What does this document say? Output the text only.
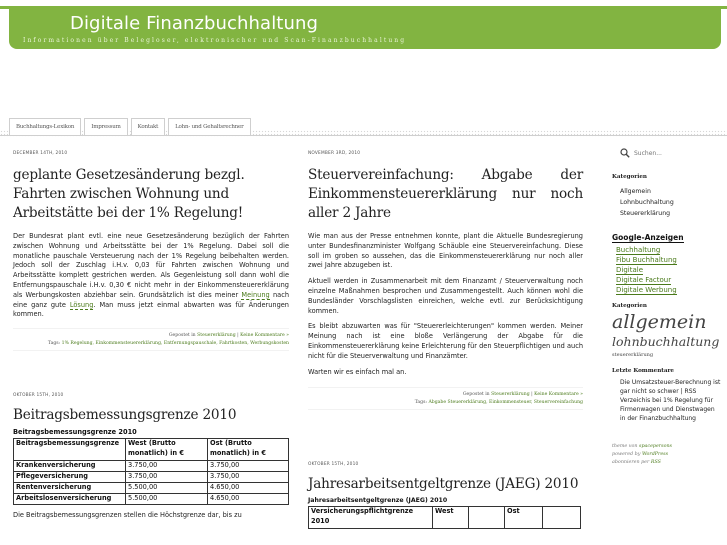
Digitale Finanzbuchhaltung
Informationen über Belegloser, elektronischer und Scan-Finanzbuchhaltung
Buchhaltungs-Lexikon	Impressum	Kontakt	Lohn- und Gehaltsrechner
DECEMBER 14TH, 2010
geplante Gesetzesänderung bezgl. Fahrten zwischen Wohnung und Arbeitstätte bei der 1% Regelung!

Der Bundesrat plant evtl. eine neue Gesetzesänderung bezüglich der Fahrten zwischen Wohnung und Arbeitsstätte bei der 1% Regelung. Dabei soll die monatliche pauschale Versteuerung nach der 1% Regelung beibehalten werden. Jedoch soll der Zuschlag i.H.v. 0,03 für Fahrten zwischen Wohnung und Arbeitsstätte komplett gestrichen werden. Als Gegenleistung soll dann wohl die Entfernungspauschale i.H.v. 0,30 € nicht mehr in der Einkommensteuererklärung als Werbungskosten abziehbar sein. Grundsätzlich ist dies meiner Meinung nach eine ganz gute Lösung. Man muss jetzt einmal abwarten was für Änderungen kommen.

Gepostet in Steuererklärung | Keine Kommentare »
Tags: 1% Regelung, Einkommensteuererklärung, Entfernungspauschale, Fahrtkosten, Werbungskosten
OKTOBER 15TH, 2010
Beitragsbemessungsgrenze 2010
Beitragsbemessungsgrenze 2010
Beitragsbemessungsgrenze	West (Brutto monatlich) in €	Ost (Brutto monatlich) in €
Krankenversicherung	3.750,00	3.750,00
Pflegeversicherung	3.750,00	3.750,00
Rentenversicherung	5.500,00	4.650,00
Arbeitslosenversicherung	5.500,00	4.650,00

Die Beitragsbemessungsgrenzen stellen die Höchstgrenze dar, bis zu

NOVEMBER 3RD, 2010
Steuervereinfachung: Abgabe der Einkommensteuererklärung nur noch aller 2 Jahre

Wie man aus der Presse entnehmen konnte, plant die Aktuelle Bundesregierung unter Bundesfinanzminister Wolfgang Schäuble eine Steuervereinfachung. Diese soll im groben so aussehen, das die Einkommensteuererklärung nur noch aller zwei Jahre abzugeben ist.

Aktuell werden in Zusammenarbeit mit dem Finanzamt / Steuerverwaltung noch einzelne Maßnahmen besprochen und Zusammengestellt. Auch können wohl die Bundesländer Vorschlagslisten einreichen, welche evtl. zur Berücksichtigung kommen.

Es bleibt abzuwarten was für "Steuererleichterungen" kommen werden. Meiner Meinung nach ist eine bloße Verlängerung der Abgabe für die Einkommensteuererklärung keine Erleichterung für den Steuerpflichtigen und auch nicht für die Steuerverwaltung und Finanzämter.

Warten wir es einfach mal an.

Gepostet in Steuererklärung | Keine Kommentare »
Tags: Abgabe Steuererklärung, Einkommensteuer, Steuervereinfachung
OKTOBER 15TH, 2010
Jahresarbeitsentgeltgrenze (JAEG) 2010
Jahresarbeitsentgeltgrenze (JAEG) 2010
Versicherungspflichtgrenze 2010	West		Ost	
Suchen...
Kategorien
Allgemein
Lohnbuchhaltung
Steuererklärung
Google-Anzeigen
Buchhaltung
Fibu Buchhaltung
Digitale
Digitale Factour
Digitale Werbung
Kategorien
allgemein
lohnbuchhaltung
steuererklärung
Letzte Kommentare
Die Umsatzsteuer-Berechnung ist gar nicht so schwer | RSS Verzeichis bei 1% Regelung für Firmenwagen und Dienstwagen in der Finanzbuchhaltung
theme von spacepersons
powered by WordPress
abonnieren per RSS
